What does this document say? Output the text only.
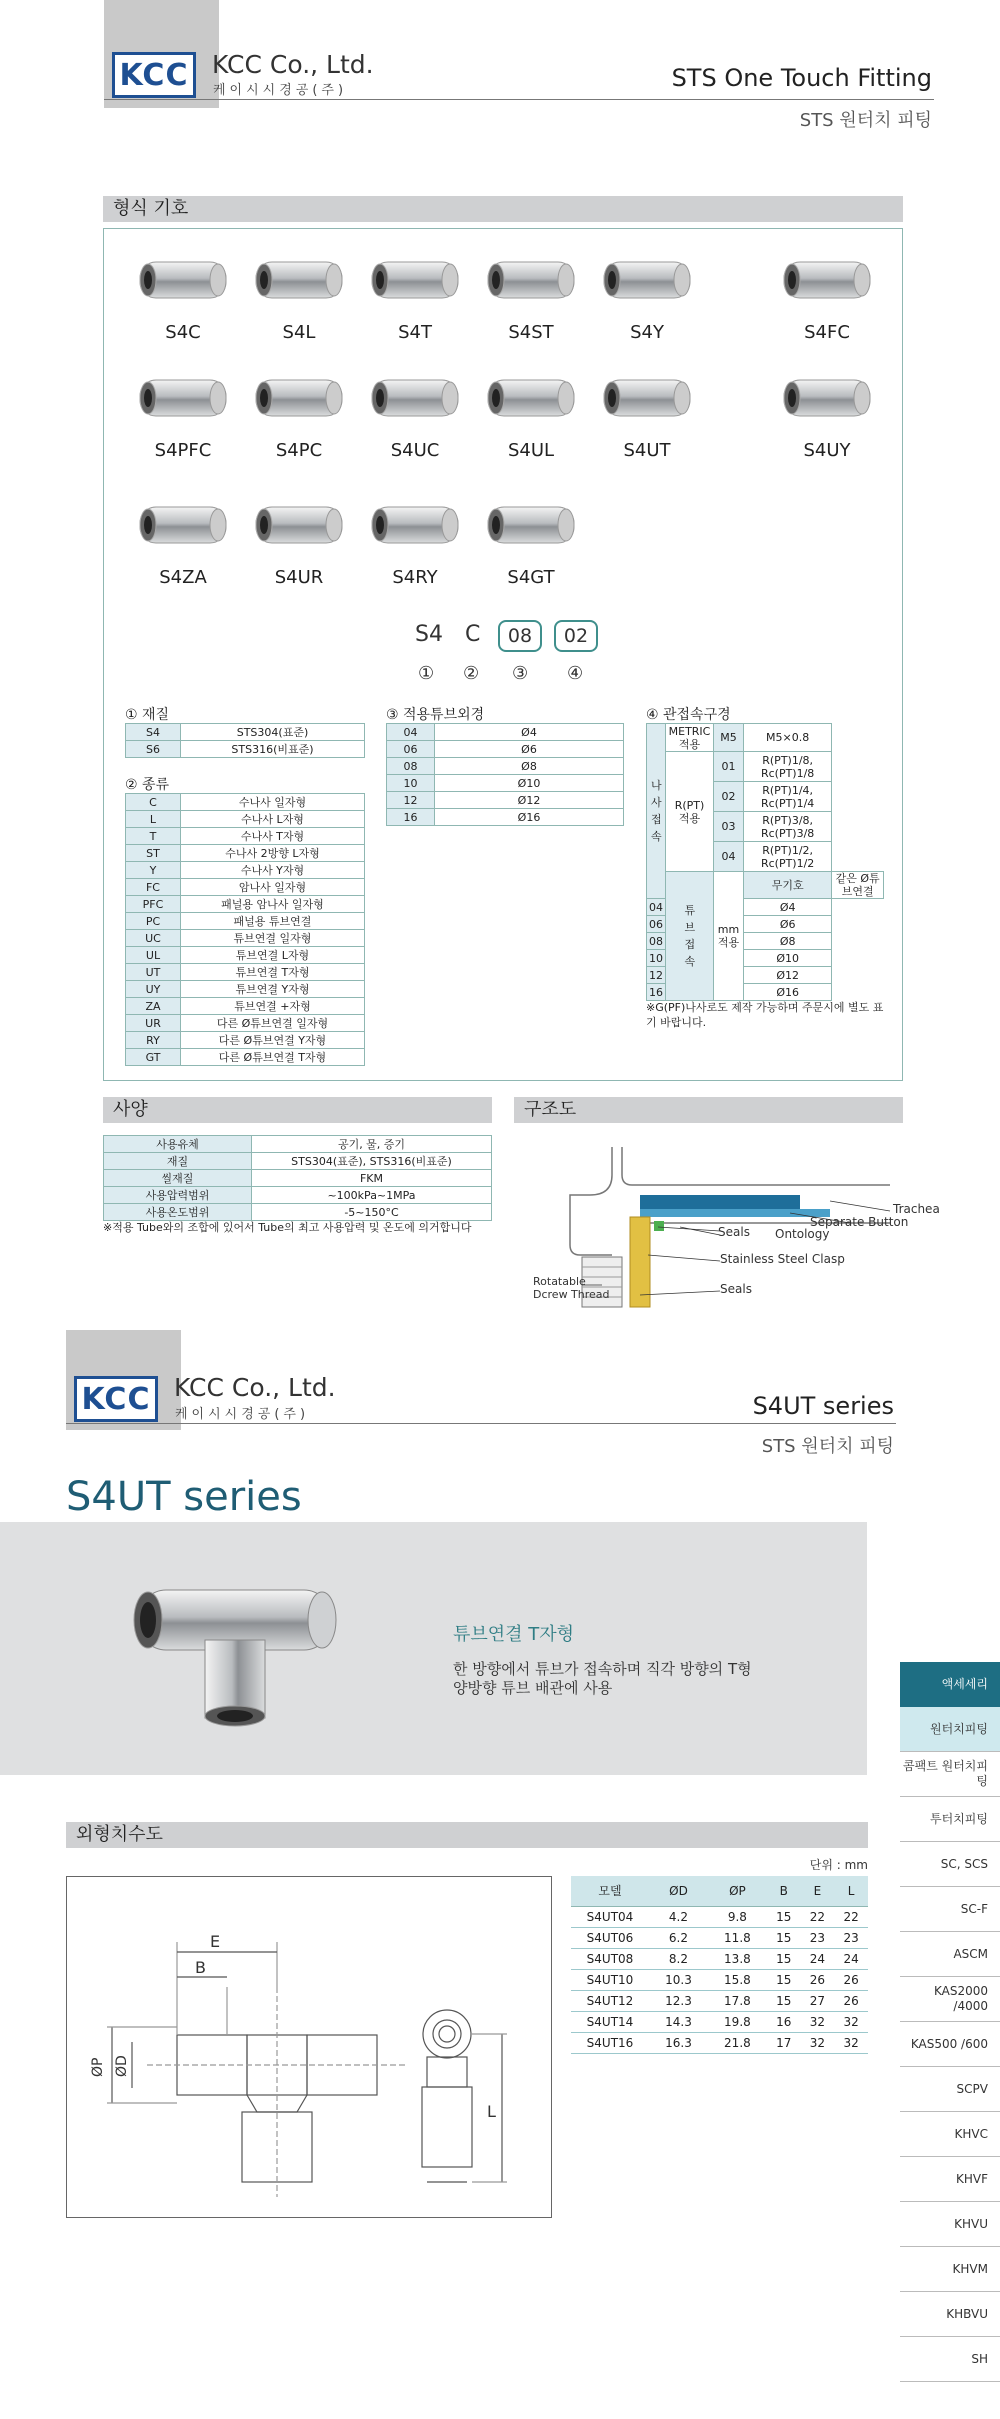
KCC KCC Co., Ltd.
케이시시경공(주)	STS One Touch Fitting
STS 원터치 피팅
형식 기호
S4C	S4L	S4T	S4ST	S4Y	S4FC
S4PFC	S4PC	S4UC	S4UL	S4UT	S4UY
S4ZA	S4UR	S4RY	S4GT
S4 C	08	02
① ② ③ ④
① 재질
S4	STS304(표준)
S6	STS316(비표준)
② 종류
C	수나사 일자형
L	수나사 L자형
T	수나사 T자형
ST	수나사 2방향 L자형
Y	수나사 Y자형
FC	암나사 일자형
PFC	패널용 암나사 일자형
PC	패널용 튜브연결
UC	튜브연결 일자형
UL	튜브연결 L자형
UT	튜브연결 T자형
UY	튜브연결 Y자형
ZA	튜브연결 +자형
UR	다른 Ø튜브연결 일자형
RY	다른 Ø튜브연결 Y자형
GT	다른 Ø튜브연결 T자형
③ 적용튜브외경
04	Ø4
06	Ø6
08	Ø8
10	Ø10
12	Ø12
16	Ø16
④ 관접속구경
나사접속	METRIC 적용	M5	M5×0.8	
	R(PT) 적용	01	R(PT)1/8, Rc(PT)1/8	
		02	R(PT)1/4, Rc(PT)1/4	
		03	R(PT)3/8, Rc(PT)3/8	
		04	R(PT)1/2, Rc(PT)1/2	

	튜브접속	mm 적용	무기호	같은 Ø튜브연결
04			Ø4	
06			Ø6	
08			Ø8	
10			Ø10	
12			Ø12	
16			Ø16	
※G(PF)나사로도 제작 가능하며 주문시에 별도 표기 바랍니다.
사양
사용유체	공기, 물, 증기
재질	STS304(표준), STS316(비표준)
씰재질	FKM
사용압력범위	~100kPa~1MPa
사용온도범위	-5~150°C
※적용 Tube와의 조합에 있어서 Tube의 최고 사용압력 및 온도에 의거합니다
구조도
Trachea
Separate Button
Seals Ontology
Stainless Steel Clasp
Rotatable
Dcrew Thread	Seals
KCC KCC Co., Ltd.
케이시시경공(주)	S4UT series
STS 원터치 피팅
S4UT series
튜브연결 T자형
한 방향에서 튜브가 접속하며 직각 방향의 T형
양방향 튜브 배관에 사용	액세세리
원터치피팅
콤팩트 원터치피팅
투터치피팅
SC, SCS
SC-F
ASCM
KAS2000 /4000
KAS500 /600
SCPV
KHVC
KHVF
KHVU
KHVM
KHBVU
SH
외형치수도
E
B
ØP ØD
L
단위 : mm
모델	ØD	ØP	B	E	L
S4UT04	4.2	9.8	15	22	22
S4UT06	6.2	11.8	15	23	23
S4UT08	8.2	13.8	15	24	24
S4UT10	10.3	15.8	15	26	26
S4UT12	12.3	17.8	15	27	26
S4UT14	14.3	19.8	16	32	32
S4UT16	16.3	21.8	17	32	32
